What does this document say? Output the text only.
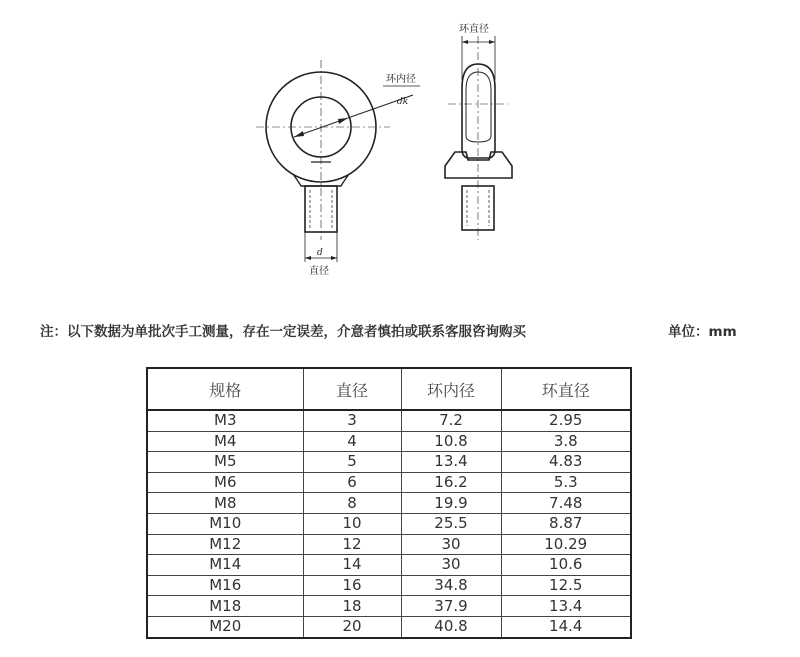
环内径
dk
d
直径
环直径
注：以下数据为单批次手工测量，存在一定误差，介意者慎拍或联系客服咨询购买	单位：mm
规格	直径	环内径	环直径
M3	3	7.2	2.95
M4	4	10.8	3.8
M5	5	13.4	4.83
M6	6	16.2	5.3
M8	8	19.9	7.48
M10	10	25.5	8.87
M12	12	30	10.29
M14	14	30	10.6
M16	16	34.8	12.5
M18	18	37.9	13.4
M20	20	40.8	14.4
